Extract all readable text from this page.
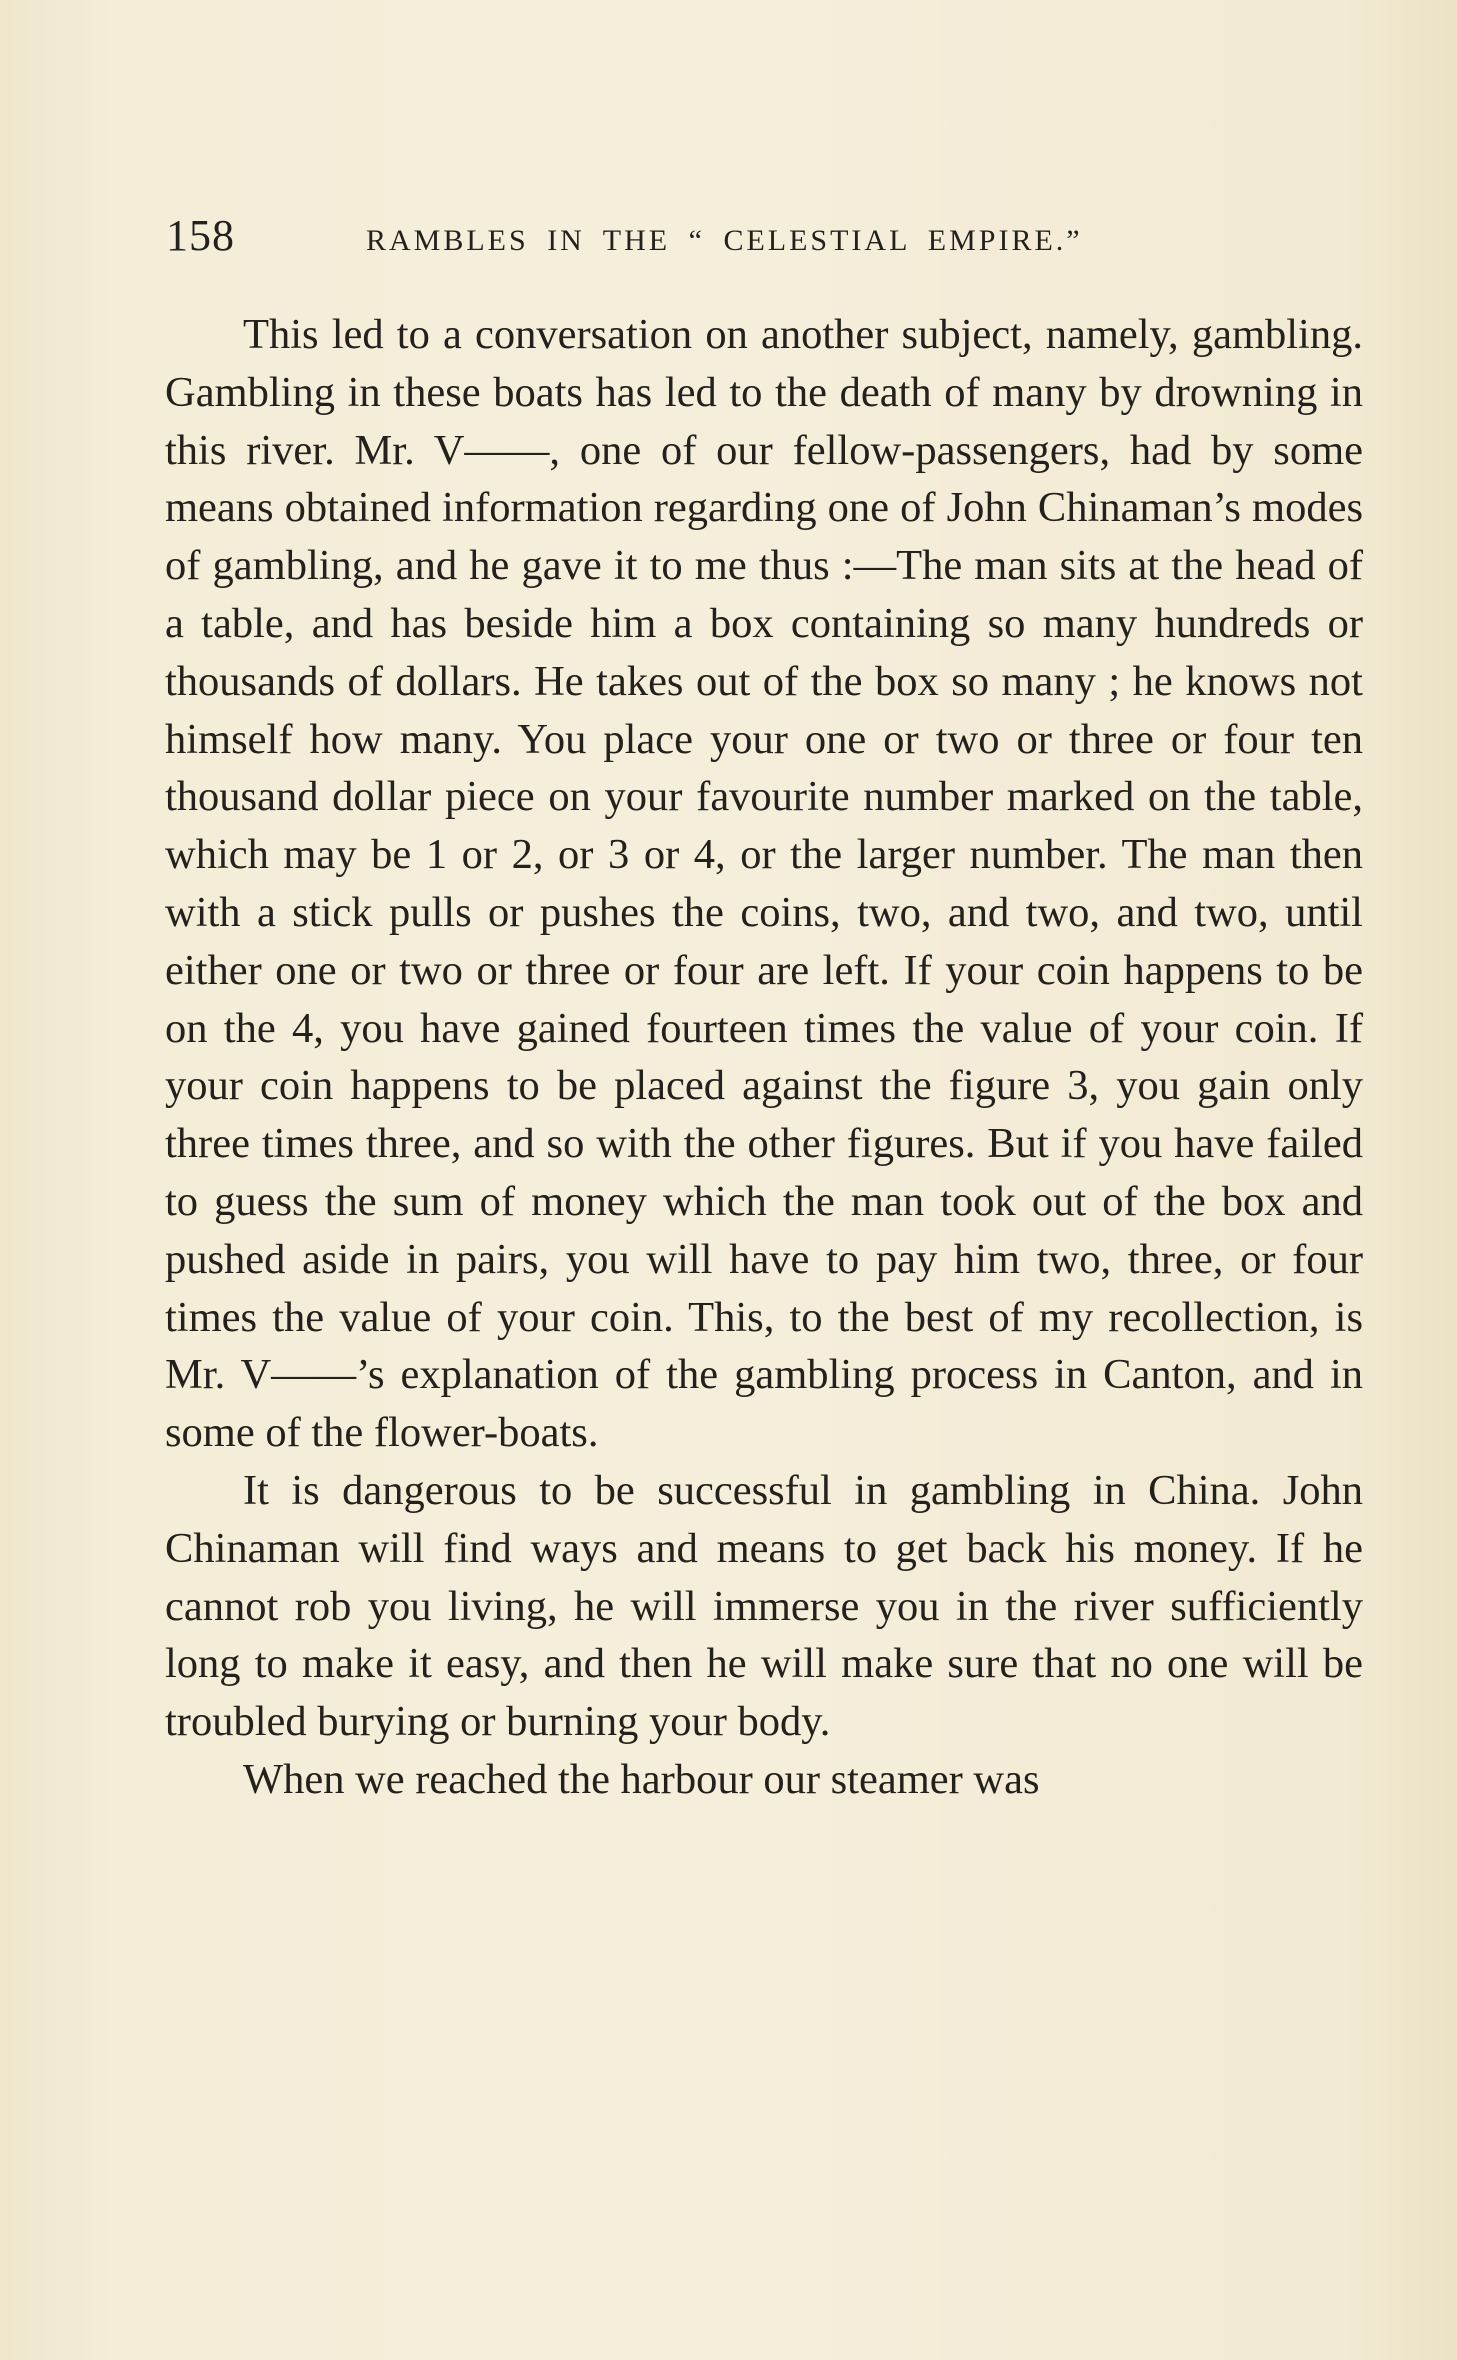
158	RAMBLES IN THE “ CELESTIAL EMPIRE.”

This led to a conversation on another subject, namely, gambling. Gambling in these boats has led to the death of many by drowning in this river. Mr. V——, one of our fellow-passengers, had by some means obtained information regarding one of John Chinaman’s modes of gambling, and he gave it to me thus :—The man sits at the head of a table, and has beside him a box containing so many hundreds or thousands of dollars. He takes out of the box so many ; he knows not himself how many. You place your one or two or three or four ten thousand dollar piece on your favourite number marked on the table, which may be 1 or 2, or 3 or 4, or the larger number. The man then with a stick pulls or pushes the coins, two, and two, and two, until either one or two or three or four are left. If your coin happens to be on the 4, you have gained fourteen times the value of your coin. If your coin happens to be placed against the figure 3, you gain only three times three, and so with the other figures. But if you have failed to guess the sum of money which the man took out of the box and pushed aside in pairs, you will have to pay him two, three, or four times the value of your coin. This, to the best of my recollection, is Mr. V——’s explanation of the gambling process in Canton, and in some of the flower-boats.

It is dangerous to be successful in gambling in China. John Chinaman will find ways and means to get back his money. If he cannot rob you living, he will immerse you in the river sufficiently long to make it easy, and then he will make sure that no one will be troubled burying or burning your body.

When we reached the harbour our steamer was
